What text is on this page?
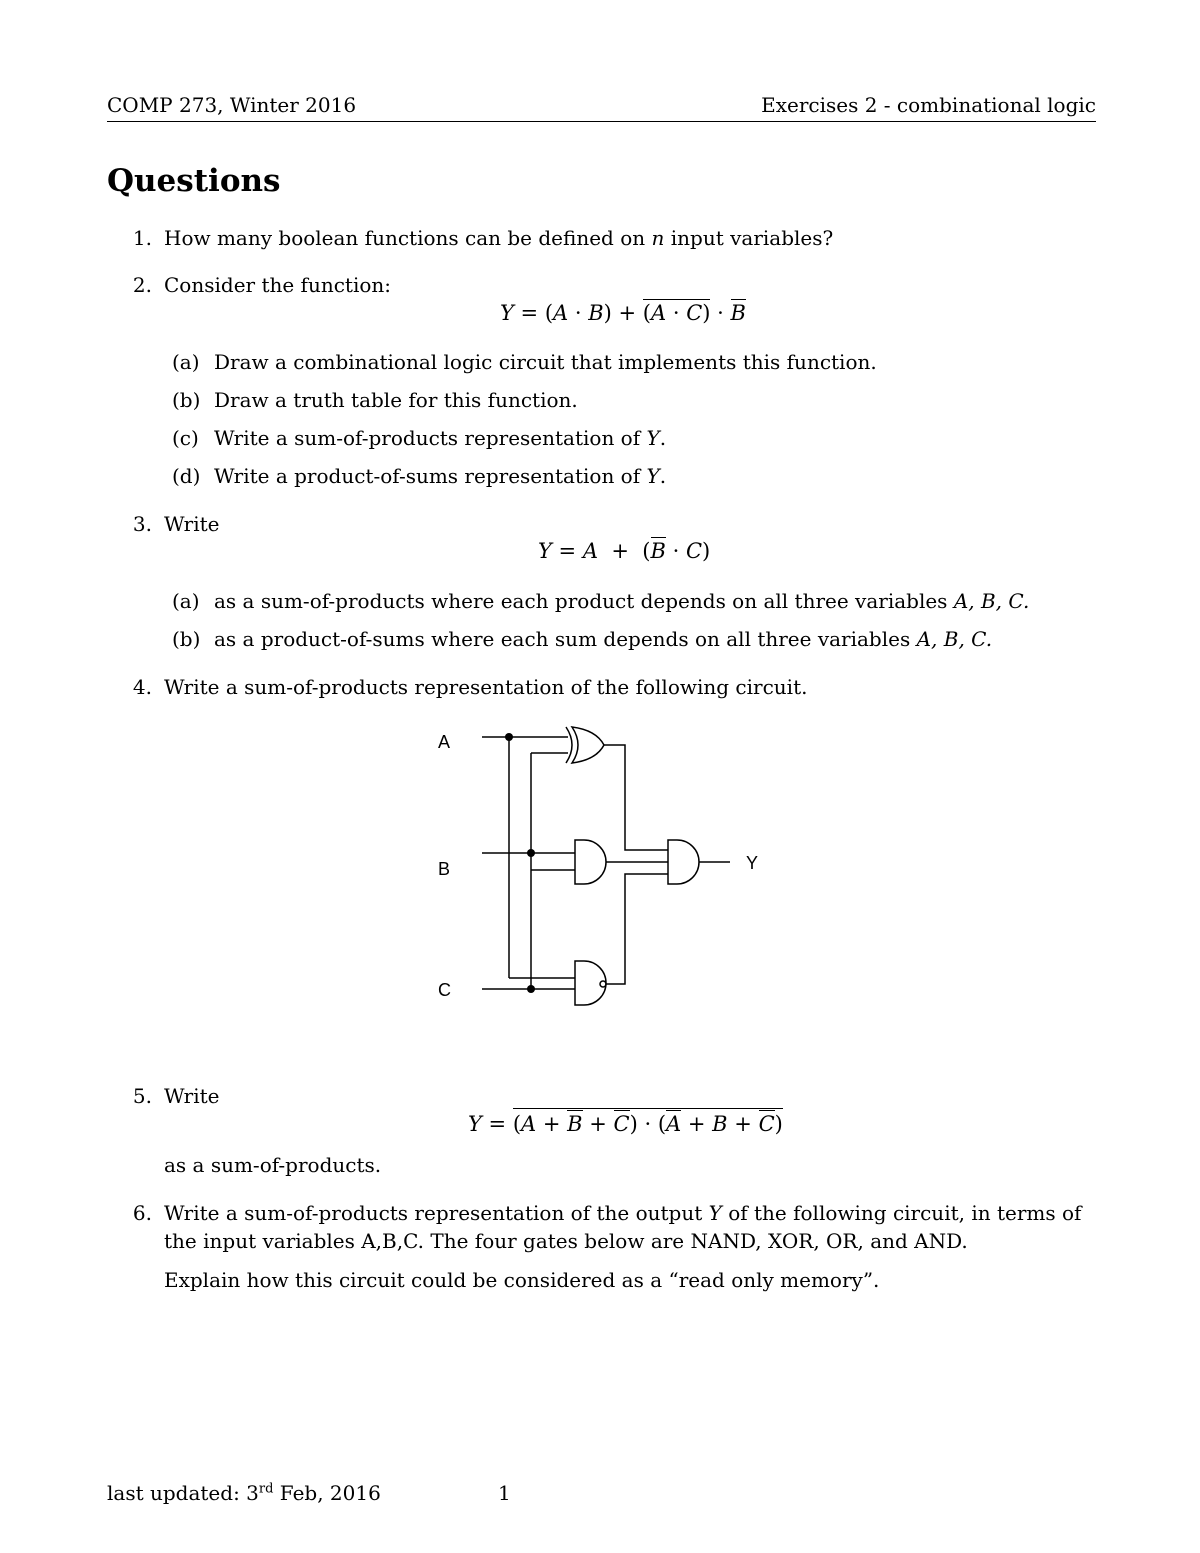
COMP 273, Winter 2016	Exercises 2 - combinational logic
Questions
1. How many boolean functions can be defined on n input variables?
2. Consider the function:
Y = (A · B) + (A · C) · B
(a) Draw a combinational logic circuit that implements this function.
(b) Draw a truth table for this function.
(c) Write a sum-of-products representation of Y.
(d) Write a product-of-sums representation of Y.
3. Write
Y = A  +  (B · C)
(a) as a sum-of-products where each product depends on all three variables A, B, C.
(b) as a product-of-sums where each sum depends on all three variables A, B, C.
4. Write a sum-of-products representation of the following circuit.
A
B
C
Y
5. Write
Y = (A + B + C) · (A + B + C)
as a sum-of-products.
6. Write a sum-of-products representation of the output Y of the following circuit, in terms of
the input variables A,B,C. The four gates below are NAND, XOR, OR, and AND.
Explain how this circuit could be considered as a “read only memory”.
last updated: 3rd Feb, 2016	1
